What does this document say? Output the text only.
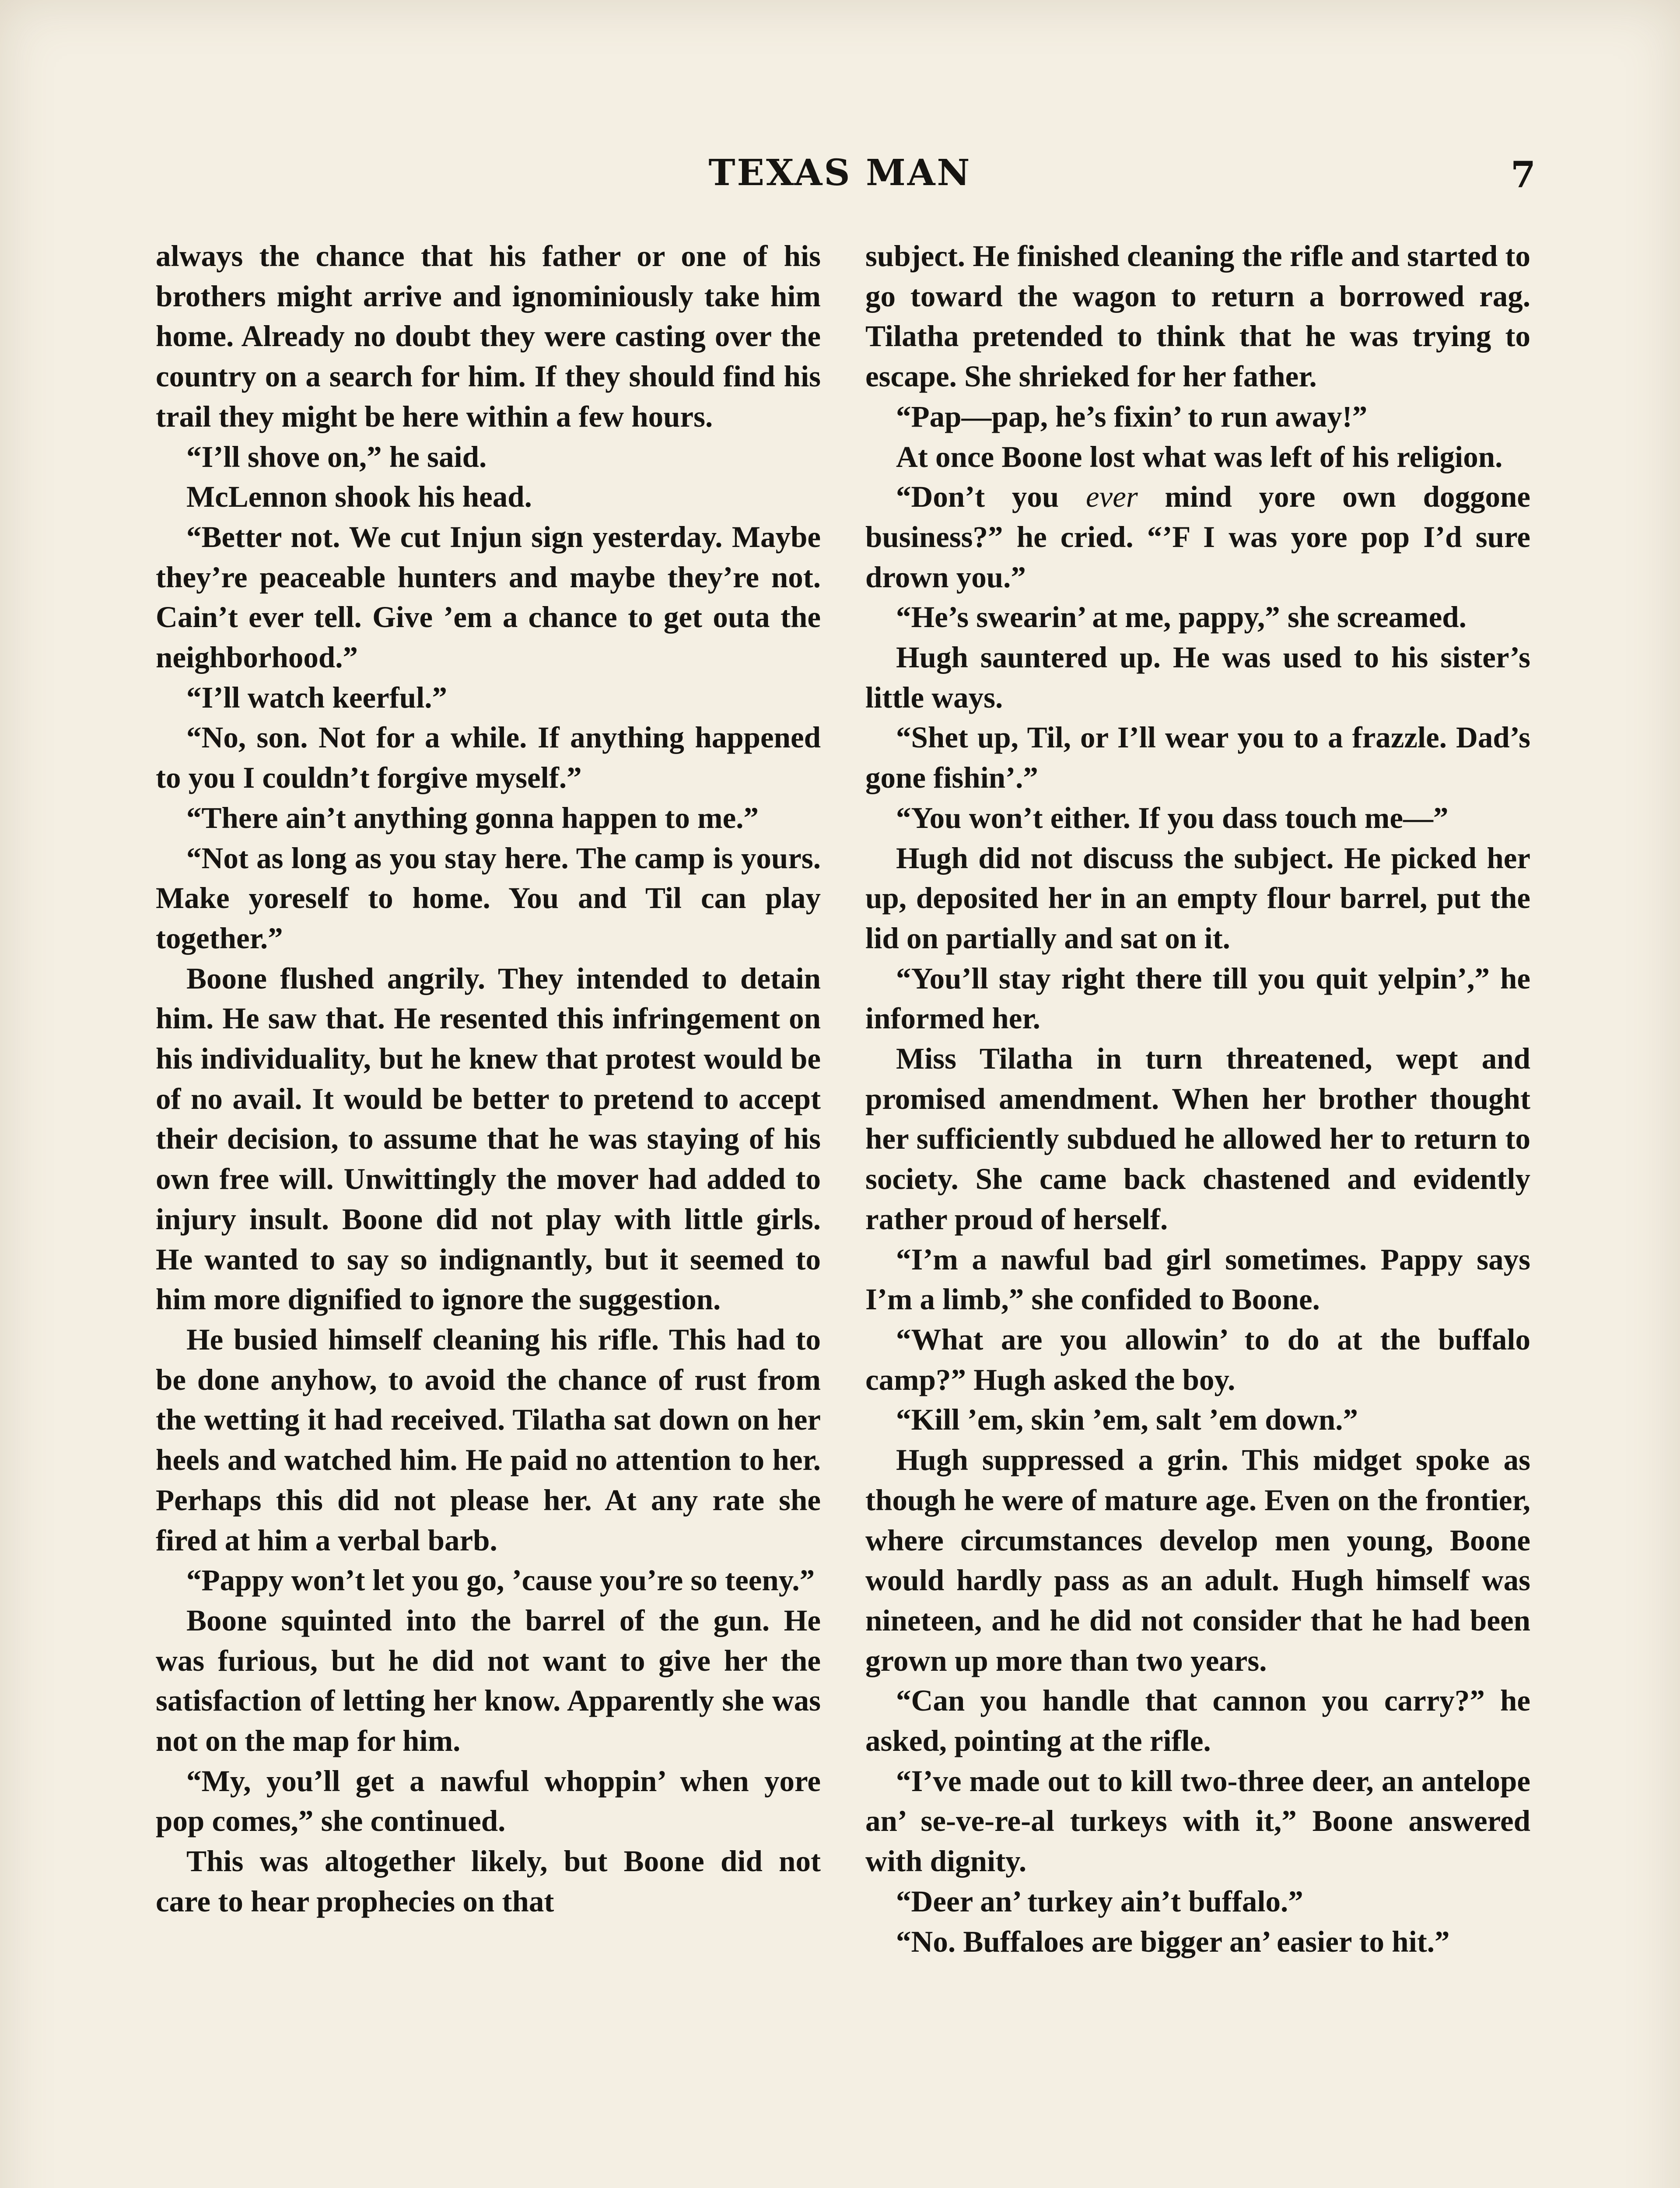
TEXAS MAN	7

always the chance that his father or one of his brothers might arrive and ignominiously take him home. Already no doubt they were casting over the country on a search for him. If they should find his trail they might be here within a few hours.

“I’ll shove on,” he said.

McLennon shook his head.

“Better not. We cut Injun sign yesterday. Maybe they’re peaceable hunters and maybe they’re not. Cain’t ever tell. Give ’em a chance to get outa the neighborhood.”

“I’ll watch keerful.”

“No, son. Not for a while. If anything happened to you I couldn’t forgive myself.”

“There ain’t anything gonna happen to me.”

“Not as long as you stay here. The camp is yours. Make yoreself to home. You and Til can play together.”

Boone flushed angrily. They intended to detain him. He saw that. He resented this infringement on his individuality, but he knew that protest would be of no avail. It would be better to pretend to accept their decision, to assume that he was staying of his own free will. Unwittingly the mover had added to injury insult. Boone did not play with little girls. He wanted to say so indignantly, but it seemed to him more dignified to ignore the suggestion.

He busied himself cleaning his rifle. This had to be done anyhow, to avoid the chance of rust from the wetting it had received. Tilatha sat down on her heels and watched him. He paid no attention to her. Perhaps this did not please her. At any rate she fired at him a verbal barb.

“Pappy won’t let you go, ’cause you’re so teeny.”

Boone squinted into the barrel of the gun. He was furious, but he did not want to give her the satisfaction of letting her know. Apparently she was not on the map for him.

“My, you’ll get a nawful whoppin’ when yore pop comes,” she continued.

This was altogether likely, but Boone did not care to hear prophecies on that

subject. He finished cleaning the rifle and started to go toward the wagon to return a borrowed rag. Tilatha pretended to think that he was trying to escape. She shrieked for her father.

“Pap—pap, he’s fixin’ to run away!”

At once Boone lost what was left of his religion.

“Don’t you ever mind yore own doggone business?” he cried. “’F I was yore pop I’d sure drown you.”

“He’s swearin’ at me, pappy,” she screamed.

Hugh sauntered up. He was used to his sister’s little ways.

“Shet up, Til, or I’ll wear you to a frazzle. Dad’s gone fishin’.”

“You won’t either. If you dass touch me—”

Hugh did not discuss the subject. He picked her up, deposited her in an empty flour barrel, put the lid on partially and sat on it.

“You’ll stay right there till you quit yelpin’,” he informed her.

Miss Tilatha in turn threatened, wept and promised amendment. When her brother thought her sufficiently subdued he allowed her to return to society. She came back chastened and evidently rather proud of herself.

“I’m a nawful bad girl sometimes. Pappy says I’m a limb,” she confided to Boone.

“What are you allowin’ to do at the buffalo camp?” Hugh asked the boy.

“Kill ’em, skin ’em, salt ’em down.”

Hugh suppressed a grin. This midget spoke as though he were of mature age. Even on the frontier, where circumstances develop men young, Boone would hardly pass as an adult. Hugh himself was nineteen, and he did not consider that he had been grown up more than two years.

“Can you handle that cannon you carry?” he asked, pointing at the rifle.

“I’ve made out to kill two-three deer, an antelope an’ se-ve-re-al turkeys with it,” Boone answered with dignity.

“Deer an’ turkey ain’t buffalo.”

“No. Buffaloes are bigger an’ easier to hit.”
